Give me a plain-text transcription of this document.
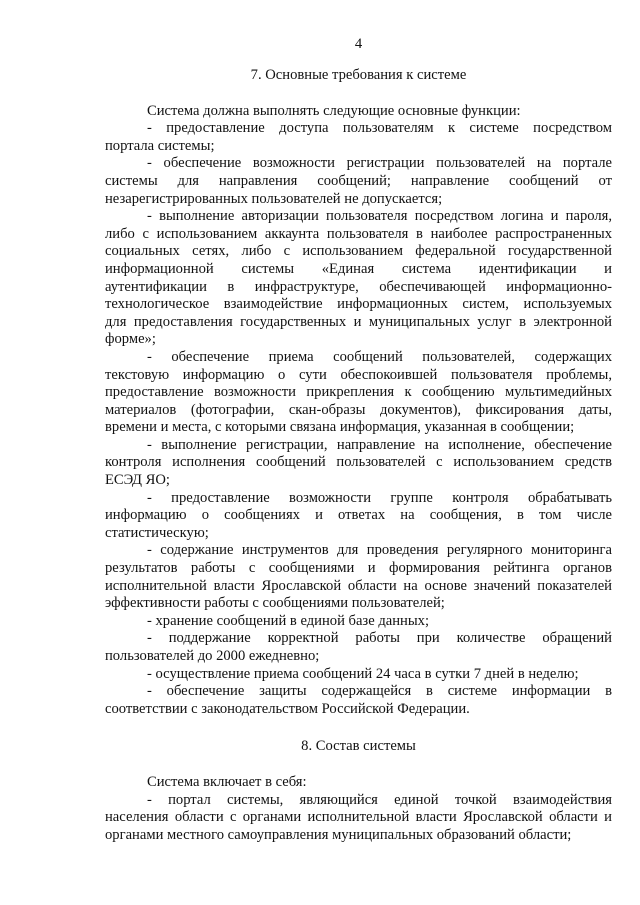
4

7. Основные требования к системе

Система должна выполнять следующие основные функции:

- предоставление доступа пользователям к системе посредством

портала системы;

- обеспечение возможности регистрации пользователей на портале

системы для направления сообщений; направление сообщений от

незарегистрированных пользователей не допускается;

- выполнение авторизации пользователя посредством логина и пароля,

либо с использованием аккаунта пользователя в наиболее распространенных

социальных сетях, либо с использованием федеральной государственной

информационной системы «Единая система идентификации и

аутентификации в инфраструктуре, обеспечивающей информационно-

технологическое взаимодействие информационных систем, используемых

для предоставления государственных и муниципальных услуг в электронной

форме»;

- обеспечение приема сообщений пользователей, содержащих

текстовую информацию о сути обеспокоившей пользователя проблемы,

предоставление возможности прикрепления к сообщению мультимедийных

материалов (фотографии, скан-образы документов), фиксирования даты,

времени и места, с которыми связана информация, указанная в сообщении;

- выполнение регистрации, направление на исполнение, обеспечение

контроля исполнения сообщений пользователей с использованием средств

ЕСЭД ЯО;

- предоставление возможности группе контроля обрабатывать

информацию о сообщениях и ответах на сообщения, в том числе

статистическую;

- содержание инструментов для проведения регулярного мониторинга

результатов работы с сообщениями и формирования рейтинга органов

исполнительной власти Ярославской области на основе значений показателей

эффективности работы с сообщениями пользователей;

- хранение сообщений в единой базе данных;

- поддержание корректной работы при количестве обращений

пользователей до 2000 ежедневно;

- осуществление приема сообщений 24 часа в сутки 7 дней в неделю;

- обеспечение защиты содержащейся в системе информации в

соответствии с законодательством Российской Федерации.

8. Состав системы

Система включает в себя:

- портал системы, являющийся единой точкой взаимодействия

населения области с органами исполнительной власти Ярославской области и

органами местного самоуправления муниципальных образований области;
